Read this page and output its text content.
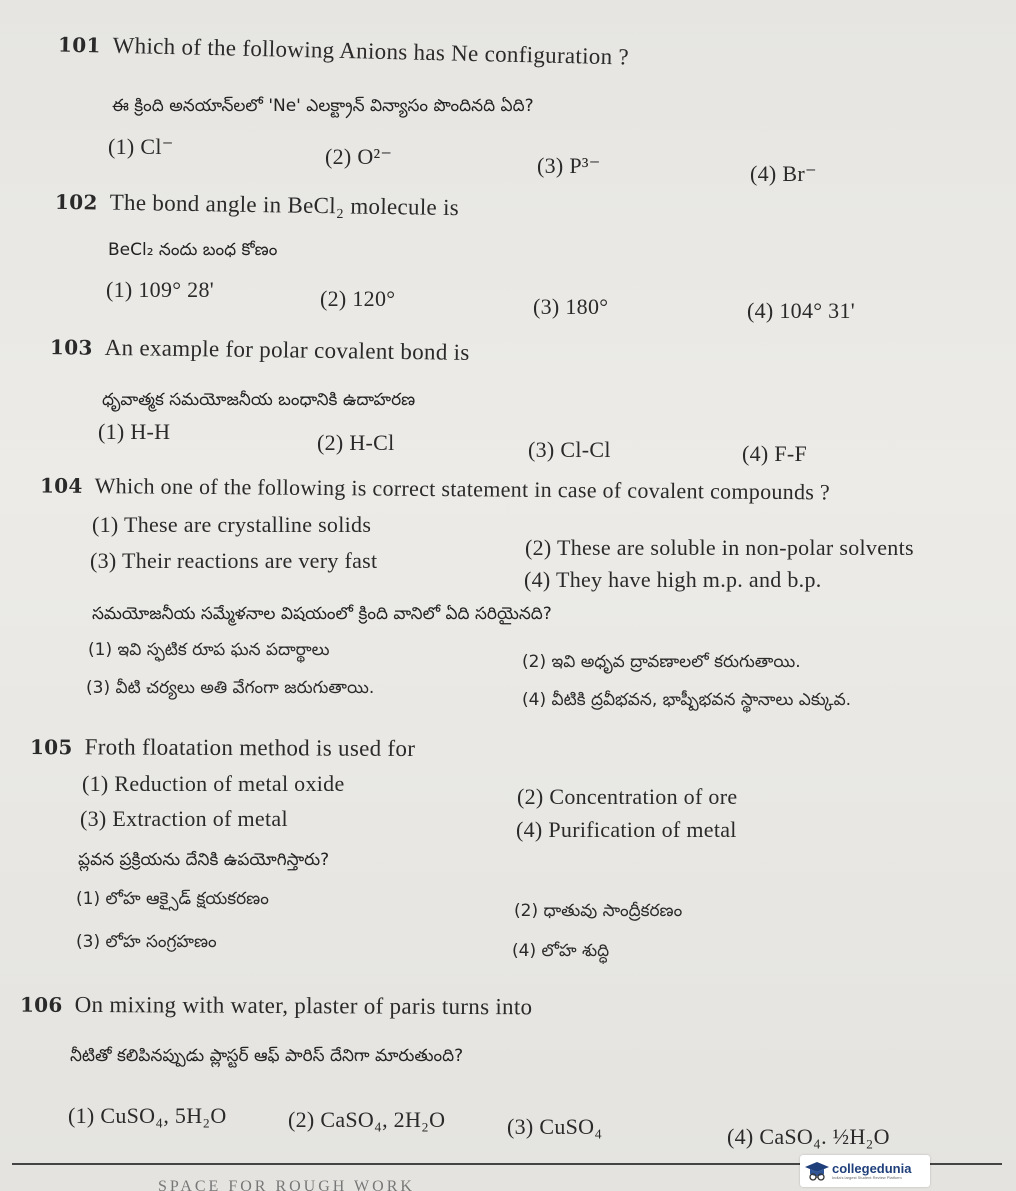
101 Which of the following Anions has Ne configuration ?
ఈ క్రింది అనయాన్‌లలో 'Ne' ఎలక్ట్రాన్ విన్యాసం పొందినది ఏది?
(1) Cl⁻	(2) O²⁻	(3) P³⁻	(4) Br⁻
102 The bond angle in BeCl₂ molecule is
BeCl₂ నందు బంధ కోణం
(1) 109° 28'	(2) 120°	(3) 180°	(4) 104° 31'
103 An example for polar covalent bond is
ధృవాత్మక సమయోజనీయ బంధానికి ఉదాహరణ
(1) H-H	(2) H-Cl	(3) Cl-Cl	(4) F-F
104 Which one of the following is correct statement in case of covalent compounds ?
(1) These are crystalline solids
(2) These are soluble in non-polar solvents
(3) Their reactions are very fast
(4) They have high m.p. and b.p.
సమయోజనీయ సమ్మేళనాల విషయంలో క్రింది వానిలో ఏది సరియైనది?
(1) ఇవి స్ఫటిక రూప ఘన పదార్థాలు
(2) ఇవి అధృవ ద్రావణాలలో కరుగుతాయి.
(3) వీటి చర్యలు అతి వేగంగా జరుగుతాయి.
(4) వీటికి ద్రవీభవన, భాష్పీభవన స్థానాలు ఎక్కువ.
105 Froth floatation method is used for
(1) Reduction of metal oxide
(2) Concentration of ore
(3) Extraction of metal	(4) Purification of metal
ప్లవన ప్రక్రియను దేనికి ఉపయోగిస్తారు?
(1) లోహ ఆక్సైడ్ క్షయకరణం
(2) ధాతువు సాంద్రీకరణం
(3) లోహ సంగ్రహణం	(4) లోహ శుద్ధి
106 On mixing with water, plaster of paris turns into
నీటితో కలిపినప్పుడు ప్లాస్టర్ ఆఫ్ పారిస్ దేనిగా మారుతుంది?
(1) CuSO₄, 5H₂O	(2) CaSO₄, 2H₂O	(3) CuSO₄	(4) CaSO₄. ½H₂O
SPACE FOR ROUGH WORK
collegedunia
India's largest Student Review Platform
